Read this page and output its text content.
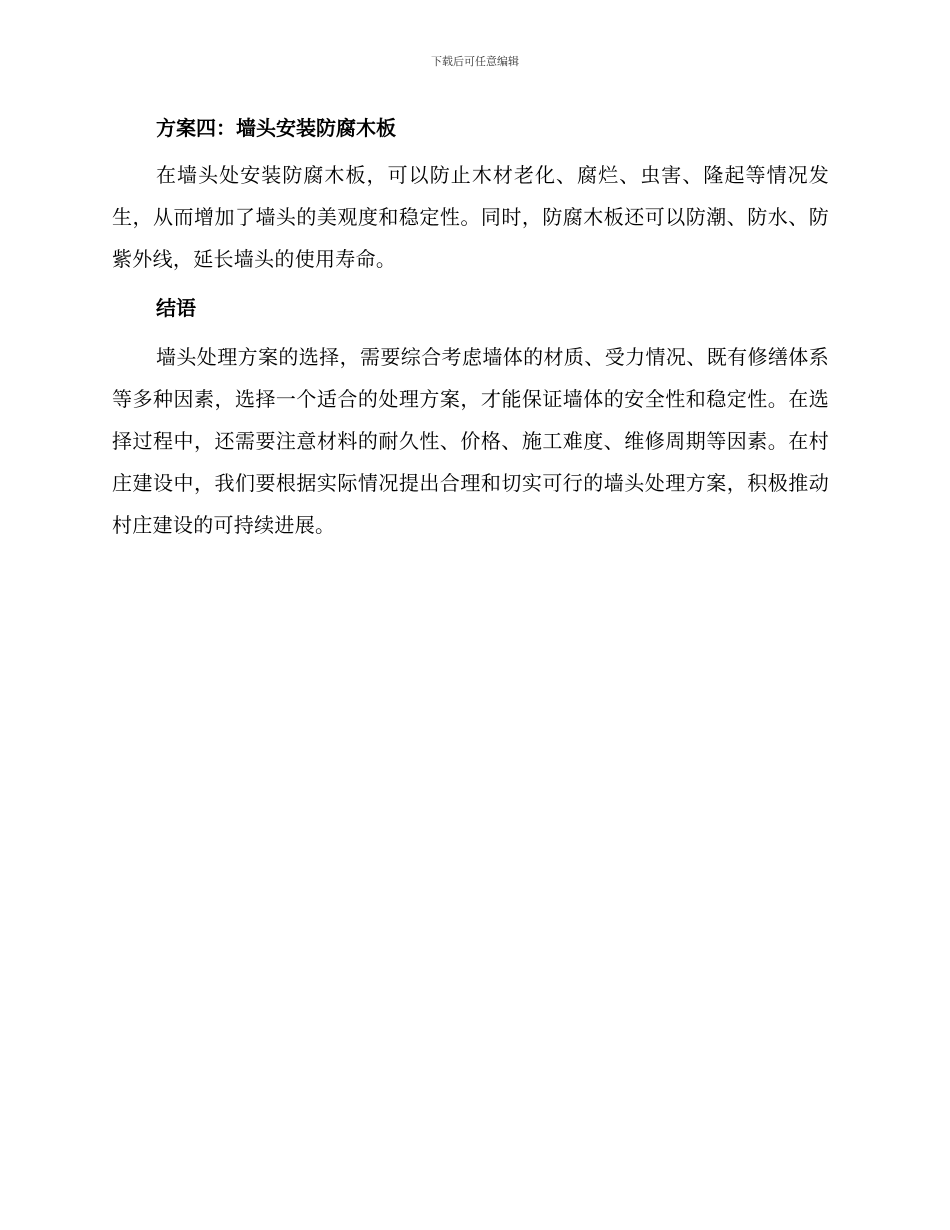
下载后可任意编辑
方案四：墙头安装防腐木板

在墙头处安装防腐木板，可以防止木材老化、腐烂、虫害、隆起等情况发生，从而增加了墙头的美观度和稳定性。同时，防腐木板还可以防潮、防水、防紫外线，延长墙头的使用寿命。

结语

墙头处理方案的选择，需要综合考虑墙体的材质、受力情况、既有修缮体系等多种因素，选择一个适合的处理方案，才能保证墙体的安全性和稳定性。在选择过程中，还需要注意材料的耐久性、价格、施工难度、维修周期等因素。在村庄建设中，我们要根据实际情况提出合理和切实可行的墙头处理方案，积极推动村庄建设的可持续进展。
